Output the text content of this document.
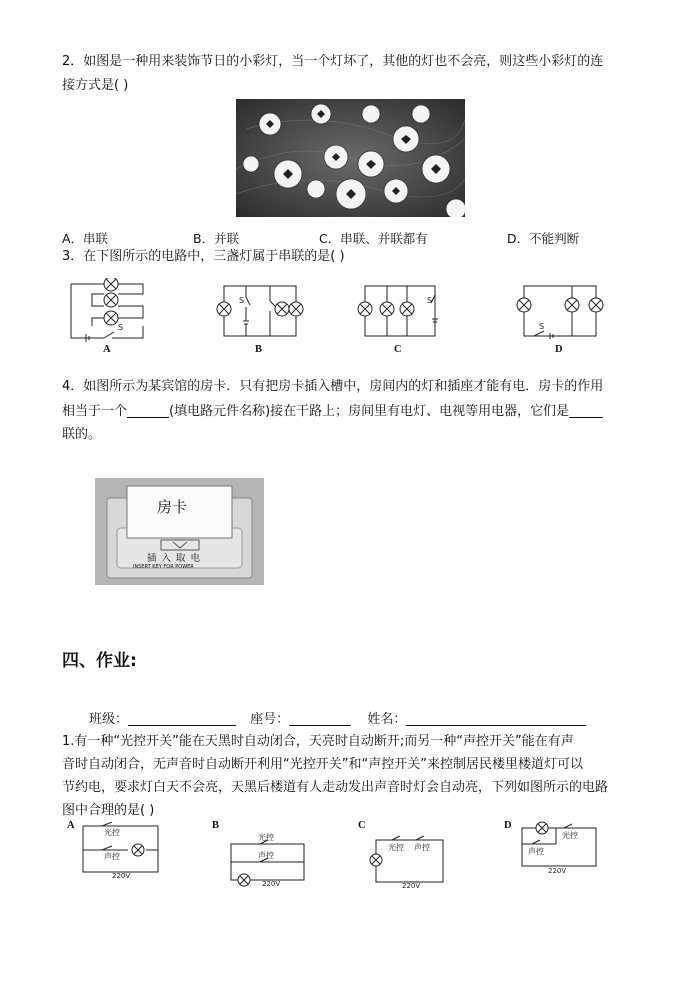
2．如图是一种用来装饰节日的小彩灯，当一个灯坏了，其他的灯也不会亮，则这些小彩灯的连
接方式是( )
A．串联	B．并联	C．串联、并联都有	D．不能判断
3．在下图所示的电路中，三盏灯属于串联的是( )
S
A
S
B
S
C
S
D
4．如图所示为某宾馆的房卡．只有把房卡插入槽中，房间内的灯和插座才能有电．房卡的作用
相当于一个	(填电路元件名称)接在干路上；房间里有电灯、电视等用电器，它们是
联的。
房卡
插 入 取 电
INSERT KEY FOR POWER
四、作业:
班级：	座号：	姓名：
1.有一种“光控开关”能在天黑时自动闭合，天亮时自动断开;而另一种“声控开关”能在有声
音时自动闭合，无声音时自动断开利用“光控开关”和“声控开关”来控制居民楼里楼道灯可以
节约电，要求灯白天不会亮，天黑后楼道有人走动发出声音时灯会自动亮，下列如图所示的电路
图中合理的是( )
A
光控
声控
220V
B
光控
声控
220V
C
光控 声控
220V
D
光控
声控
220V
